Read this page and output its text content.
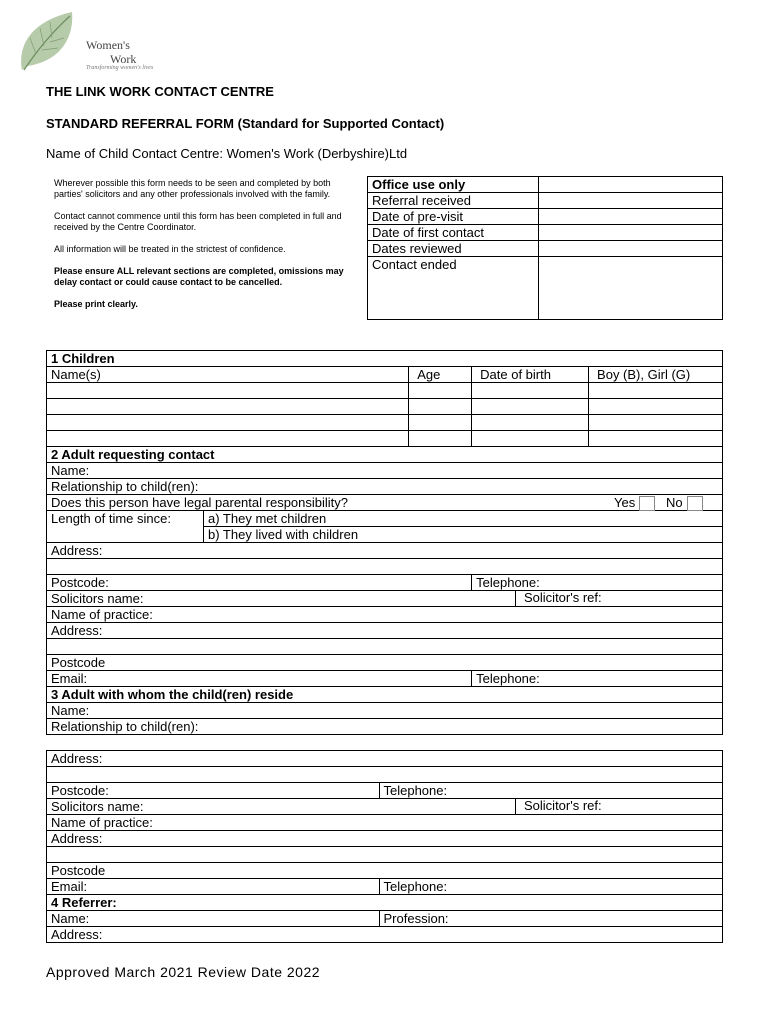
Women's
Work
Transforming women's lives
THE LINK WORK CONTACT CENTRE
STANDARD REFERRAL FORM (Standard for Supported Contact)
Name of Child Contact Centre: Women's Work (Derbyshire)Ltd

Wherever possible this form needs to be seen and completed by both parties' solicitors and any other professionals involved with the family.

Contact cannot commence until this form has been completed in full and received by the Centre Coordinator.

All information will be treated in the strictest of confidence.

Please ensure ALL relevant sections are completed, omissions may delay contact or could cause contact to be cancelled.

Please print clearly.

Office use only	
Referral received	
Date of pre-visit	
Date of first contact	
Dates reviewed	
Contact ended	
1 Children
Name(s)	Age	Date of birth	Boy (B), Girl (G)

2 Adult requesting contact
Name:
Relationship to child(ren):
Does this person have legal parental responsibility?	Yes	No

Length of time since:	a) They met children
b) They lived with children

Address:

Postcode:	Telephone:
Solicitors name:	Solicitor's ref:

Name of practice:
Address:

Postcode
Email:	Telephone:
3 Adult with whom the child(ren) reside
Name:
Relationship to child(ren):
Address:	

Postcode:	Telephone:
Solicitors name: Solicitor's ref:	

Name of practice:	
Address:	

Postcode	
Email:	Telephone:
4 Referrer:	
Name:	Profession:
Address:	
Approved March 2021 Review Date 2022
